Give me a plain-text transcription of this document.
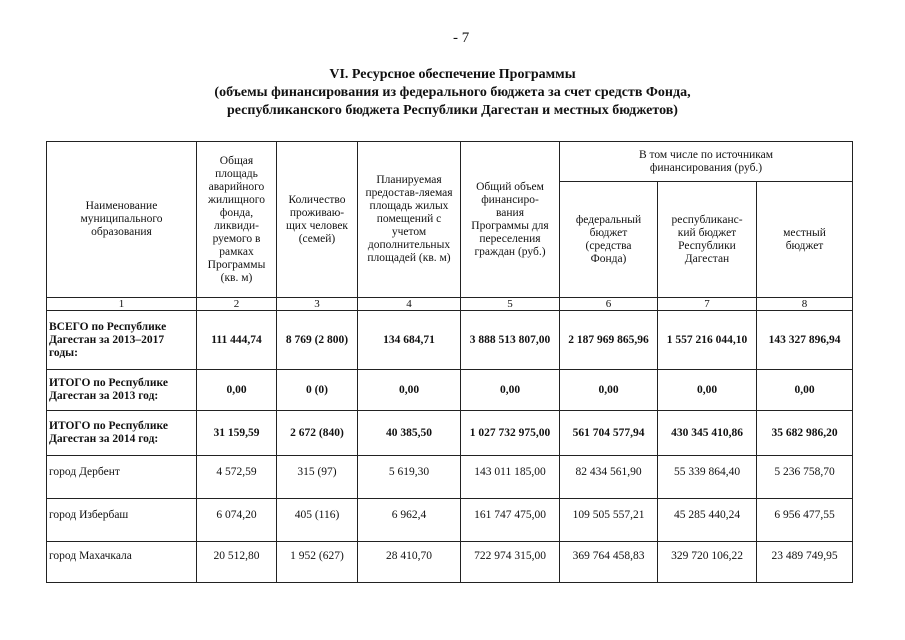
- 7
VI. Ресурсное обеспечение Программы
(объемы финансирования из федерального бюджета за счет средств Фонда,
республиканского бюджета Республики Дагестан и местных бюджетов)
Наименование муниципального образования	Общая площадь аварийного жилищного фонда, ликвиди-руемого в рамках Программы (кв. м)	Количество проживаю-щих человек (семей)	Планируемая предостав-ляемая площадь жилых помещений с учетом дополнительных площадей (кв. м)	Общий объем финансиро-вания Программы для переселения граждан (руб.)	В том числе по источникам финансирования (руб.)		
					федеральный бюджет (средства Фонда)	республиканс-кий бюджет Республики Дагестан	местный бюджет
1	2	3	4	5	6	7	8
ВСЕГО по Республике Дагестан за 2013–2017 годы:	111 444,74	8 769 (2 800)	134 684,71	3 888 513 807,00	2 187 969 865,96	1 557 216 044,10	143 327 896,94
ИТОГО по Республике Дагестан за 2013 год:	0,00	0 (0)	0,00	0,00	0,00	0,00	0,00
ИТОГО по Республике Дагестан за 2014 год:	31 159,59	2 672 (840)	40 385,50	1 027 732 975,00	561 704 577,94	430 345 410,86	35 682 986,20
город Дербент	4 572,59	315 (97)	5 619,30	143 011 185,00	82 434 561,90	55 339 864,40	5 236 758,70
город Избербаш	6 074,20	405 (116)	6 962,4	161 747 475,00	109 505 557,21	45 285 440,24	6 956 477,55
город Махачкала	20 512,80	1 952 (627)	28 410,70	722 974 315,00	369 764 458,83	329 720 106,22	23 489 749,95
